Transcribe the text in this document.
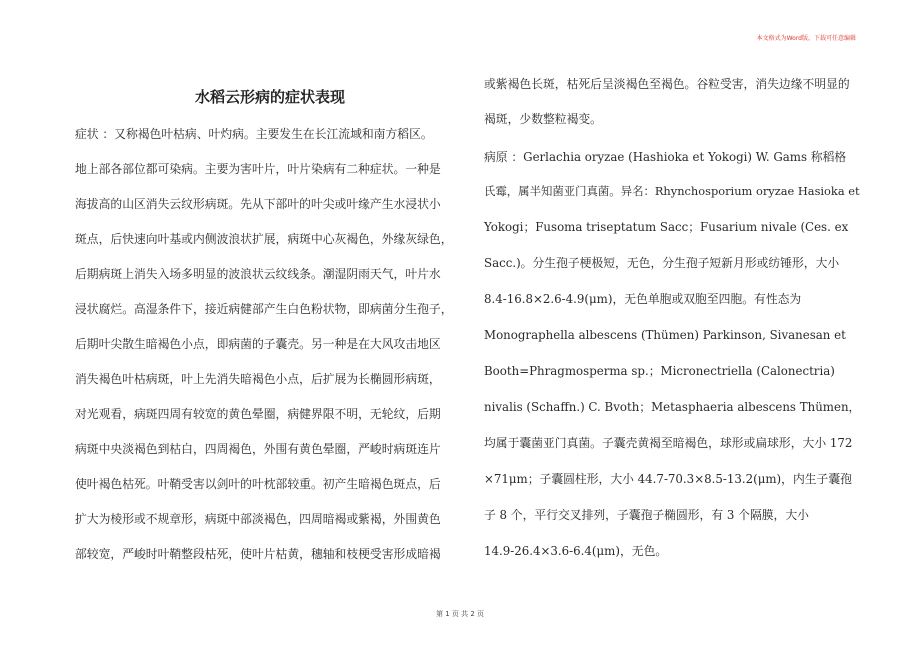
本文格式为Word版，下载可任意编辑
水稻云形病的症状表现
症状 ：又称褐色叶枯病、叶灼病。主要发生在长江流域和南方稻区。
地上部各部位都可染病。主要为害叶片，叶片染病有二种症状。一种是
海拔高的山区消失云纹形病斑。先从下部叶的叶尖或叶缘产生水浸状小
斑点，后快速向叶基或内侧波浪状扩展，病斑中心灰褐色，外缘灰绿色，
后期病斑上消失入场多明显的波浪状云纹线条。潮湿阴雨天气，叶片水
浸状腐烂。高湿条件下，接近病健部产生白色粉状物，即病菌分生孢子，
后期叶尖散生暗褐色小点，即病菌的子囊壳。另一种是在大风攻击地区
消失褐色叶枯病斑，叶上先消失暗褐色小点，后扩展为长椭圆形病斑，
对光观看，病斑四周有较宽的黄色晕圈，病健界限不明，无轮纹，后期
病斑中央淡褐色到枯白，四周褐色，外围有黄色晕圈，严峻时病斑连片
使叶褐色枯死。叶鞘受害以剑叶的叶枕部较重。初产生暗褐色斑点，后
扩大为棱形或不规章形，病斑中部淡褐色，四周暗褐或紫褐，外围黄色
部较宽，严峻时叶鞘整段枯死，使叶片枯黄，穗轴和枝梗受害形成暗褐
或紫褐色长斑，枯死后呈淡褐色至褐色。谷粒受害，消失边缘不明显的
褐斑，少数整粒褐变。
病原 ：Gerlachia oryzae (Hashioka et Yokogi) W. Gams 称稻格
氏霉，属半知菌亚门真菌。异名：Rhynchosporium oryzae Hasioka et
Yokogi；Fusoma triseptatum Sacc；Fusarium nivale (Ces. ex
Sacc.)。分生孢子梗极短，无色，分生孢子短新月形或纺锤形，大小
8.4-16.8×2.6-4.9(μm)，无色单胞或双胞至四胞。有性态为
Monographella albescens (Thümen) Parkinson, Sivanesan et
Booth=Phragmosperma sp.；Micronectriella (Calonectria)
nivalis (Schaffn.) C. Bvoth；Metasphaeria albescens Thümen，
均属于囊菌亚门真菌。子囊壳黄褐至暗褐色，球形或扁球形，大小 172
×71μm；子囊圆柱形，大小 44.7-70.3×8.5-13.2(μm)，内生子囊孢
子 8 个，平行交叉排列，子囊孢子椭圆形，有 3 个隔膜，大小
14.9-26.4×3.6-6.4(μm)，无色。
第 1 页 共 2 页
